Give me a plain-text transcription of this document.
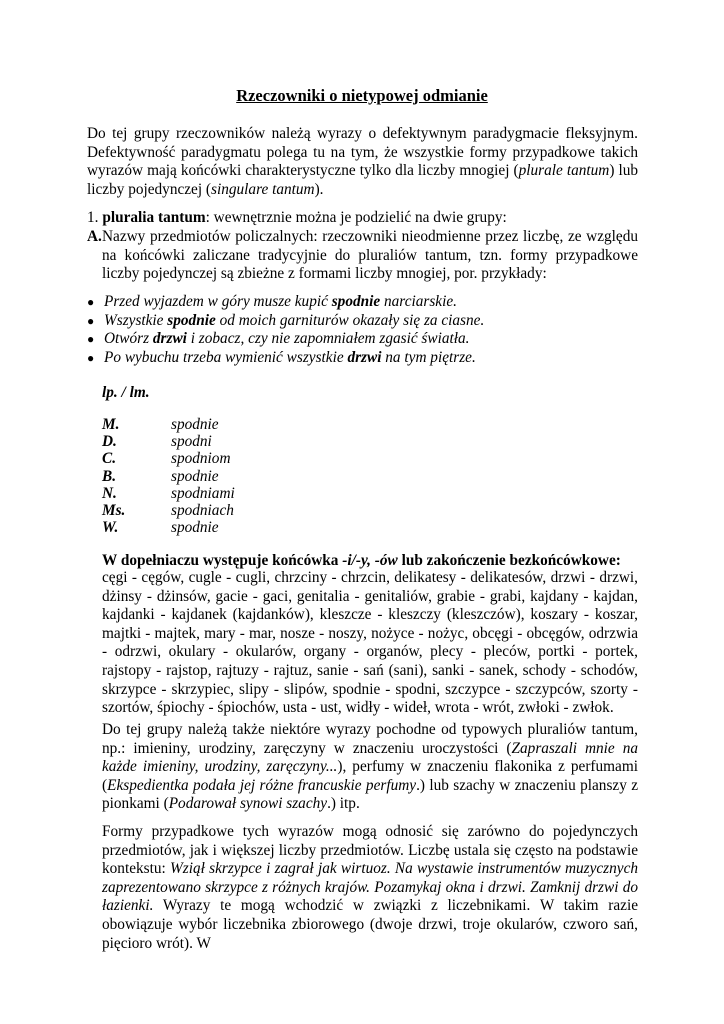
Rzeczowniki o nietypowej odmianie
Do tej grupy rzeczowników należą wyrazy o defektywnym paradygmacie fleksyjnym. Defektywność paradygmatu polega tu na tym, że wszystkie formy przypadkowe takich wyrazów mają końcówki charakterystyczne tylko dla liczby mnogiej (plurale tantum) lub liczby pojedynczej (singulare tantum).
1. pluralia tantum: wewnętrznie można je podzielić na dwie grupy:
A. Nazwy przedmiotów policzalnych: rzeczowniki nieodmienne przez liczbę, ze względu na końcówki zaliczane tradycyjnie do pluraliów tantum, tzn. formy przypadkowe liczby pojedynczej są zbieżne z formami liczby mnogiej, por. przykłady:
● Przed wyjazdem w góry musze kupić spodnie narciarskie.
● Wszystkie spodnie od moich garniturów okazały się za ciasne.
● Otwórz drzwi i zobacz, czy nie zapomniałem zgasić światła.
● Po wybuchu trzeba wymienić wszystkie drzwi na tym piętrze.
lp. / lm.
M.	spodnie
D.	spodni
C.	spodniom
B.	spodnie
N.	spodniami
Ms.	spodniach
W.	spodnie
W dopełniaczu występuje końcówka -i/-y, -ów lub zakończenie bezkońcówkowe:
cęgi - cęgów, cugle - cugli, chrzciny - chrzcin, delikatesy - delikatesów, drzwi - drzwi, dżinsy - dżinsów, gacie - gaci, genitalia - genitaliów, grabie - grabi, kajdany - kajdan, kajdanki - kajdanek (kajdanków), kleszcze - kleszczy (kleszczów), koszary - koszar, majtki - majtek, mary - mar, nosze - noszy, nożyce - nożyc, obcęgi - obcęgów, odrzwia - odrzwi, okulary - okularów, organy - organów, plecy - pleców, portki - portek, rajstopy - rajstop, rajtuzy - rajtuz, sanie - sań (sani), sanki - sanek, schody - schodów, skrzypce - skrzypiec, slipy - slipów, spodnie - spodni, szczypce - szczypców, szorty - szortów, śpiochy - śpiochów, usta - ust, widły - wideł, wrota - wrót, zwłoki - zwłok.
Do tej grupy należą także niektóre wyrazy pochodne od typowych pluraliów tantum, np.: imieniny, urodziny, zaręczyny w znaczeniu uroczystości (Zapraszali mnie na każde imieniny, urodziny, zaręczyny...), perfumy w znaczeniu flakonika z perfumami (Ekspedientka podała jej różne francuskie perfumy.) lub szachy w znaczeniu planszy z pionkami (Podarował synowi szachy.) itp.
Formy przypadkowe tych wyrazów mogą odnosić się zarówno do pojedynczych przedmiotów, jak i większej liczby przedmiotów. Liczbę ustala się często na podstawie kontekstu: Wziął skrzypce i zagrał jak wirtuoz. Na wystawie instrumentów muzycznych zaprezentowano skrzypce z różnych krajów. Pozamykaj okna i drzwi. Zamknij drzwi do łazienki. Wyrazy te mogą wchodzić w związki z liczebnikami. W takim razie obowiązuje wybór liczebnika zbiorowego (dwoje drzwi, troje okularów, czworo sań, pięcioro wrót). W
